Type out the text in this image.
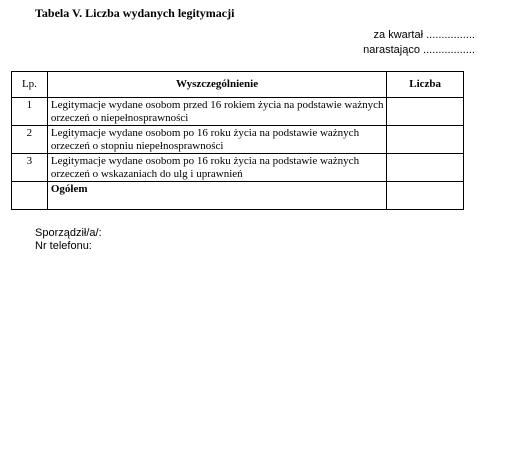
Tabela V. Liczba wydanych legitymacji
za kwartał ................
narastająco .................
Lp.	Wyszczególnienie	Liczba
1	Legitymacje wydane osobom przed 16 rokiem życia na podstawie ważnych orzeczeń o niepełnosprawności	
2	Legitymacje wydane osobom po 16 roku życia na podstawie ważnych orzeczeń o stopniu niepełnosprawności	
3	Legitymacje wydane osobom po 16 roku życia na podstawie ważnych orzeczeń o wskazaniach do ulg i uprawnień	
	Ogółem	
Sporządził/a/:
Nr telefonu:
